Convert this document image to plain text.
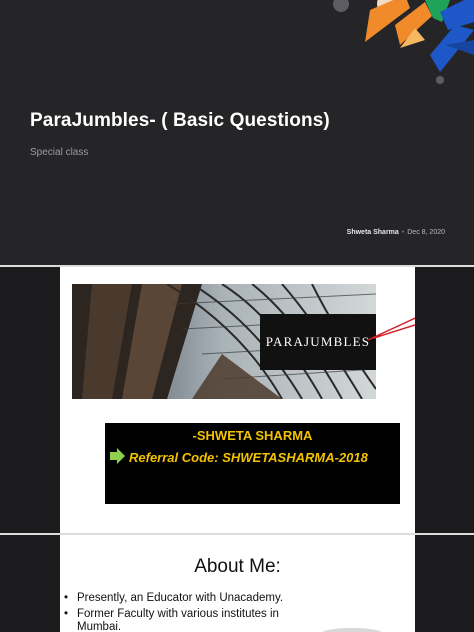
ParaJumbles- ( Basic Questions)
Special class
Shweta Sharma • Dec 8, 2020
PARAJUMBLES
-SHWETA SHARMA
Referral Code: SHWETASHARMA-2018
About Me:
• Presently, an Educator with Unacademy.
• Former Faculty with various institutes in Mumbai.
